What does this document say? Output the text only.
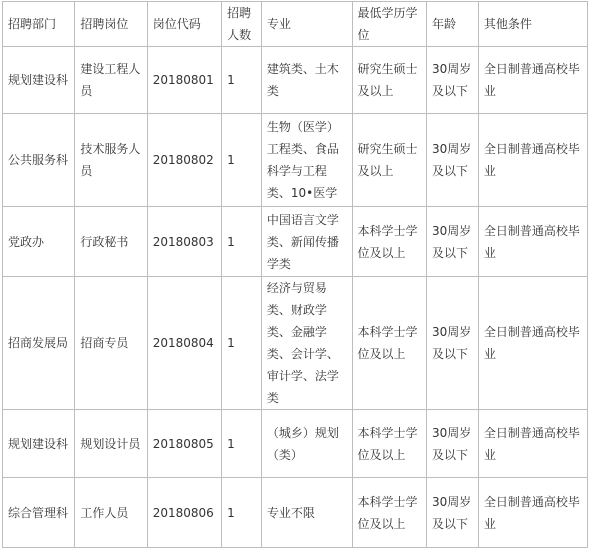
招聘部门	招聘岗位	岗位代码	招聘人数	专业	最低学历学位	年龄	其他条件
规划建设科	建设工程人员	20180801	1	建筑类、土木类	研究生硕士及以上	30周岁及以下	全日制普通高校毕业
公共服务科	技术服务人员	20180802	1	生物（医学）工程类、食品科学与工程类、10•医学	研究生硕士及以上	30周岁及以下	全日制普通高校毕业
党政办	行政秘书	20180803	1	中国语言文学类、新闻传播学类	本科学士学位及以上	30周岁及以下	全日制普通高校毕业
招商发展局	招商专员	20180804	1	经济与贸易类、财政学类、金融学类、会计学、审计学、法学类	本科学士学位及以上	30周岁及以下	全日制普通高校毕业
规划建设科	规划设计员	20180805	1	（城乡）规划（类）	本科学士学位及以上	30周岁及以下	全日制普通高校毕业
综合管理科	工作人员	20180806	1	专业不限	本科学士学位及以上	30周岁及以下	全日制普通高校毕业
